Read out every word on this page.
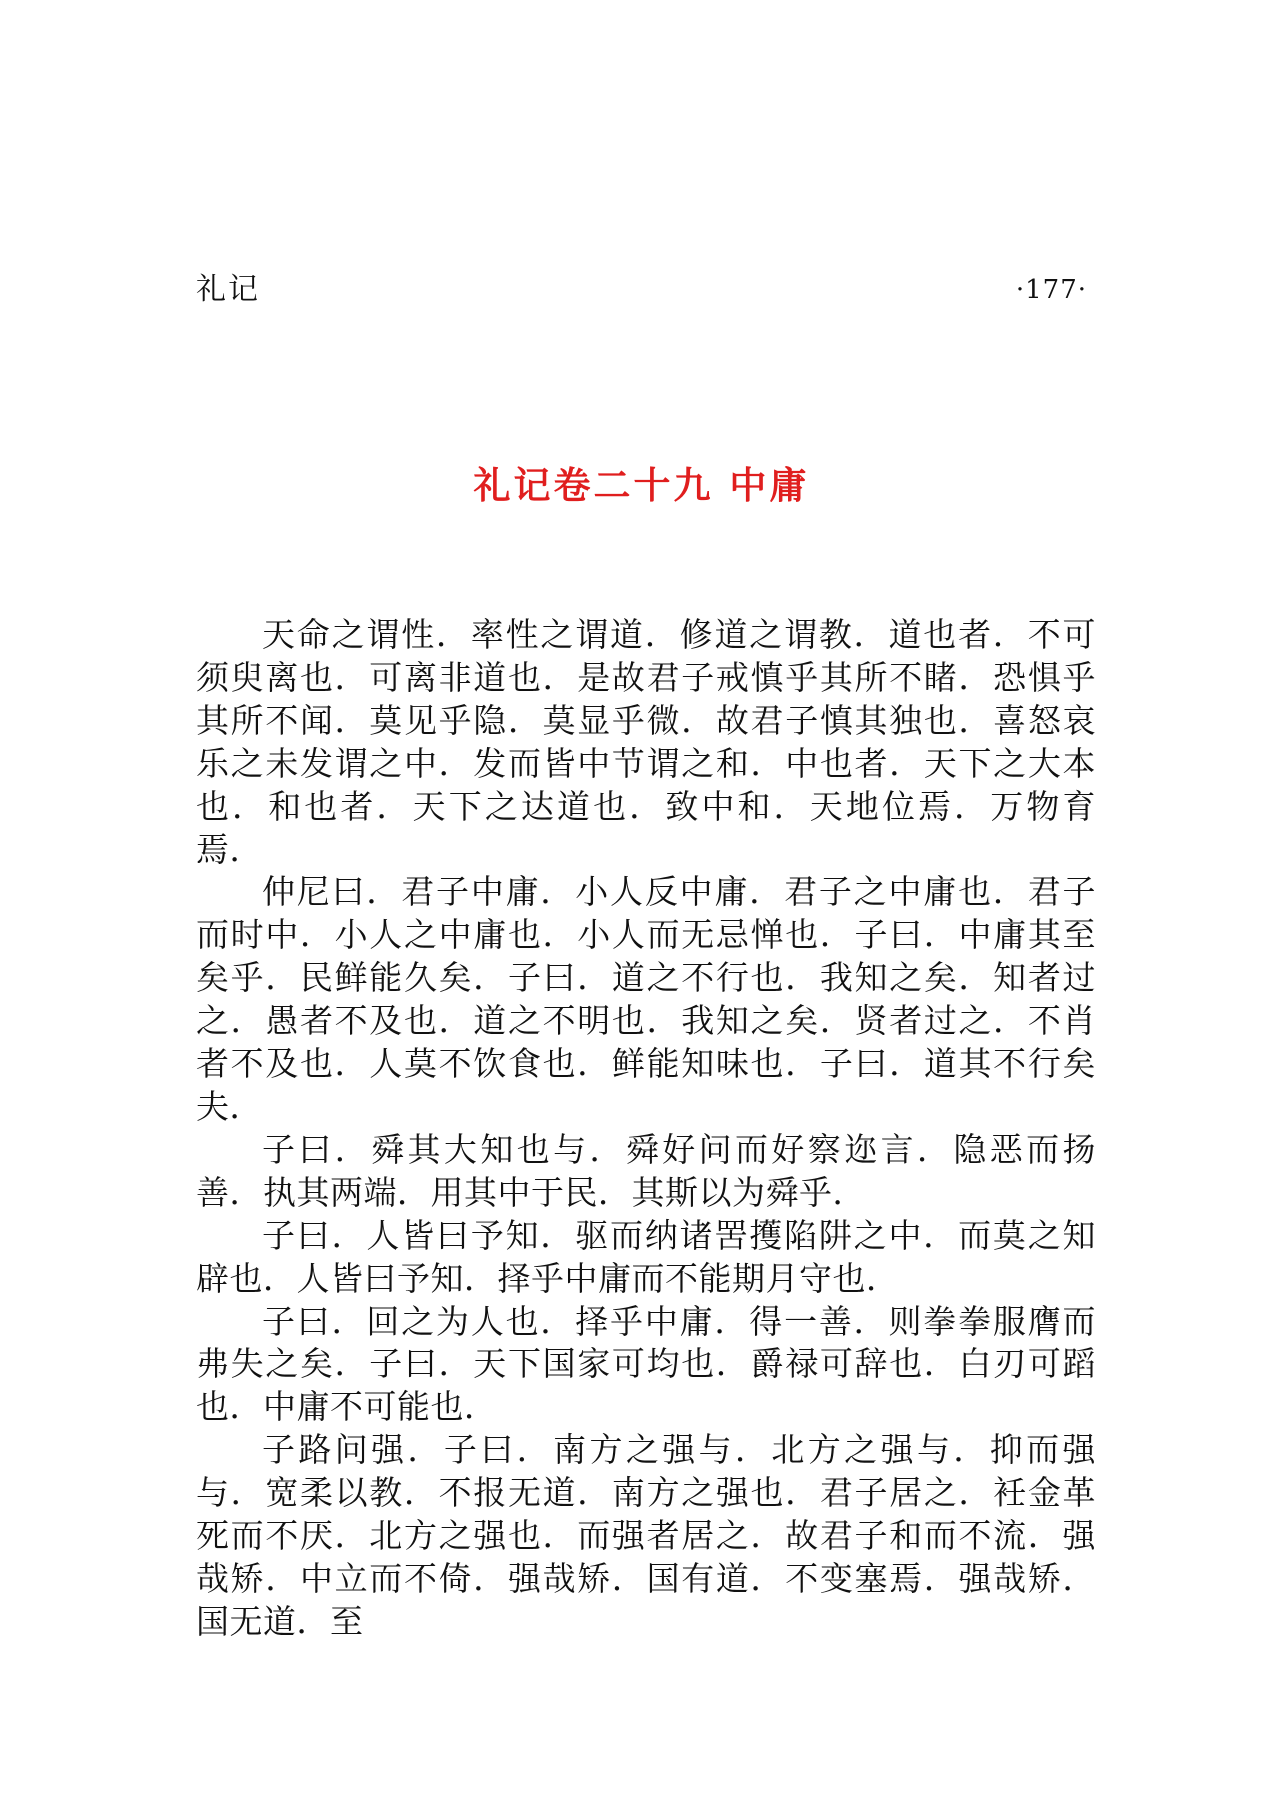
礼记	·177·
礼记卷二十九 中庸

天命之谓性．率性之谓道．修道之谓教．道也者．不可须臾离也．可离非道也．是故君子戒慎乎其所不睹．恐惧乎其所不闻．莫见乎隐．莫显乎微．故君子慎其独也．喜怒哀乐之未发谓之中．发而皆中节谓之和．中也者．天下之大本也．和也者．天下之达道也．致中和．天地位焉．万物育焉．

仲尼曰．君子中庸．小人反中庸．君子之中庸也．君子而时中．小人之中庸也．小人而无忌惮也．子曰．中庸其至矣乎．民鲜能久矣．子曰．道之不行也．我知之矣．知者过之．愚者不及也．道之不明也．我知之矣．贤者过之．不肖者不及也．人莫不饮食也．鲜能知味也．子曰．道其不行矣夫．

子曰．舜其大知也与．舜好问而好察迩言．隐恶而扬善．执其两端．用其中于民．其斯以为舜乎．

子曰．人皆曰予知．驱而纳诸罟擭陷阱之中．而莫之知辟也．人皆曰予知．择乎中庸而不能期月守也．

子曰．回之为人也．择乎中庸．得一善．则拳拳服膺而弗失之矣．子曰．天下国家可均也．爵禄可辞也．白刃可蹈也．中庸不可能也．

子路问强．子曰．南方之强与．北方之强与．抑而强与．宽柔以教．不报无道．南方之强也．君子居之．衽金革死而不厌．北方之强也．而强者居之．故君子和而不流．强哉矫．中立而不倚．强哉矫．国有道．不变塞焉．强哉矫．国无道．至
